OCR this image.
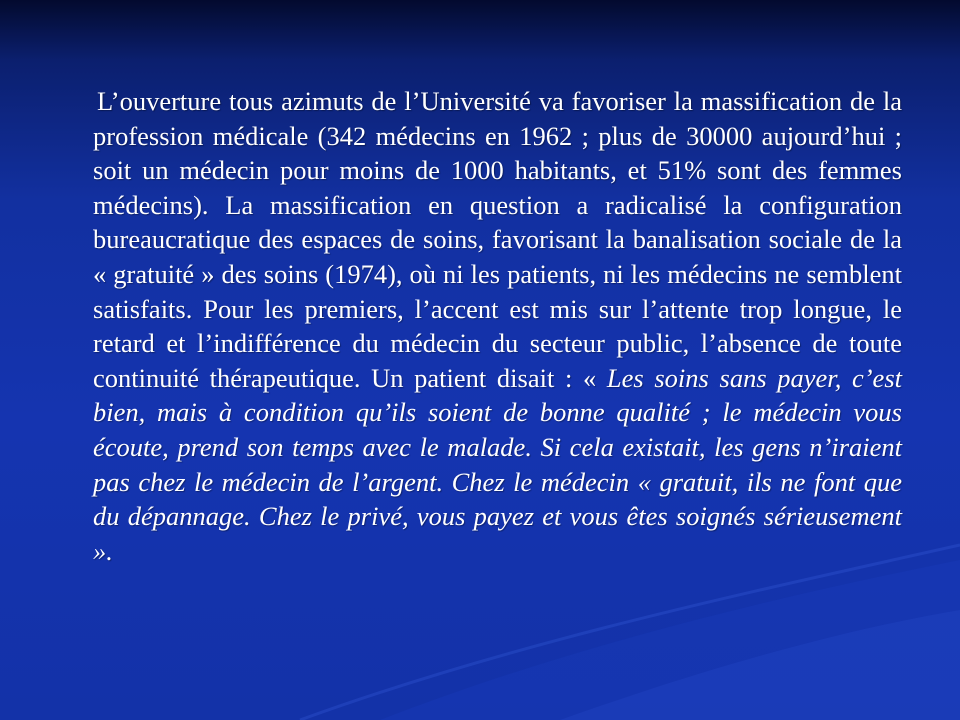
L’ouverture tous azimuts de l’Université va favoriser la massification de la profession médicale (342 médecins en 1962 ; plus de 30000 aujourd’hui ; soit un médecin pour moins de 1000 habitants, et 51% sont des femmes médecins). La massification en question a radicalisé la configuration bureaucratique des espaces de soins, favorisant la banalisation sociale de la « gratuité » des soins (1974), où ni les patients, ni les médecins ne semblent satisfaits. Pour les premiers, l’accent est mis sur l’attente trop longue, le retard et l’indifférence du médecin du secteur public, l’absence de toute continuité thérapeutique. Un patient disait : « Les soins sans payer, c’est bien, mais à condition qu’ils soient de bonne qualité ; le médecin vous écoute, prend son temps avec le malade. Si cela existait, les gens n’iraient pas chez le médecin de l’argent. Chez le médecin « gratuit, ils ne font que du dépannage. Chez le privé, vous payez et vous êtes soignés sérieusement ».
